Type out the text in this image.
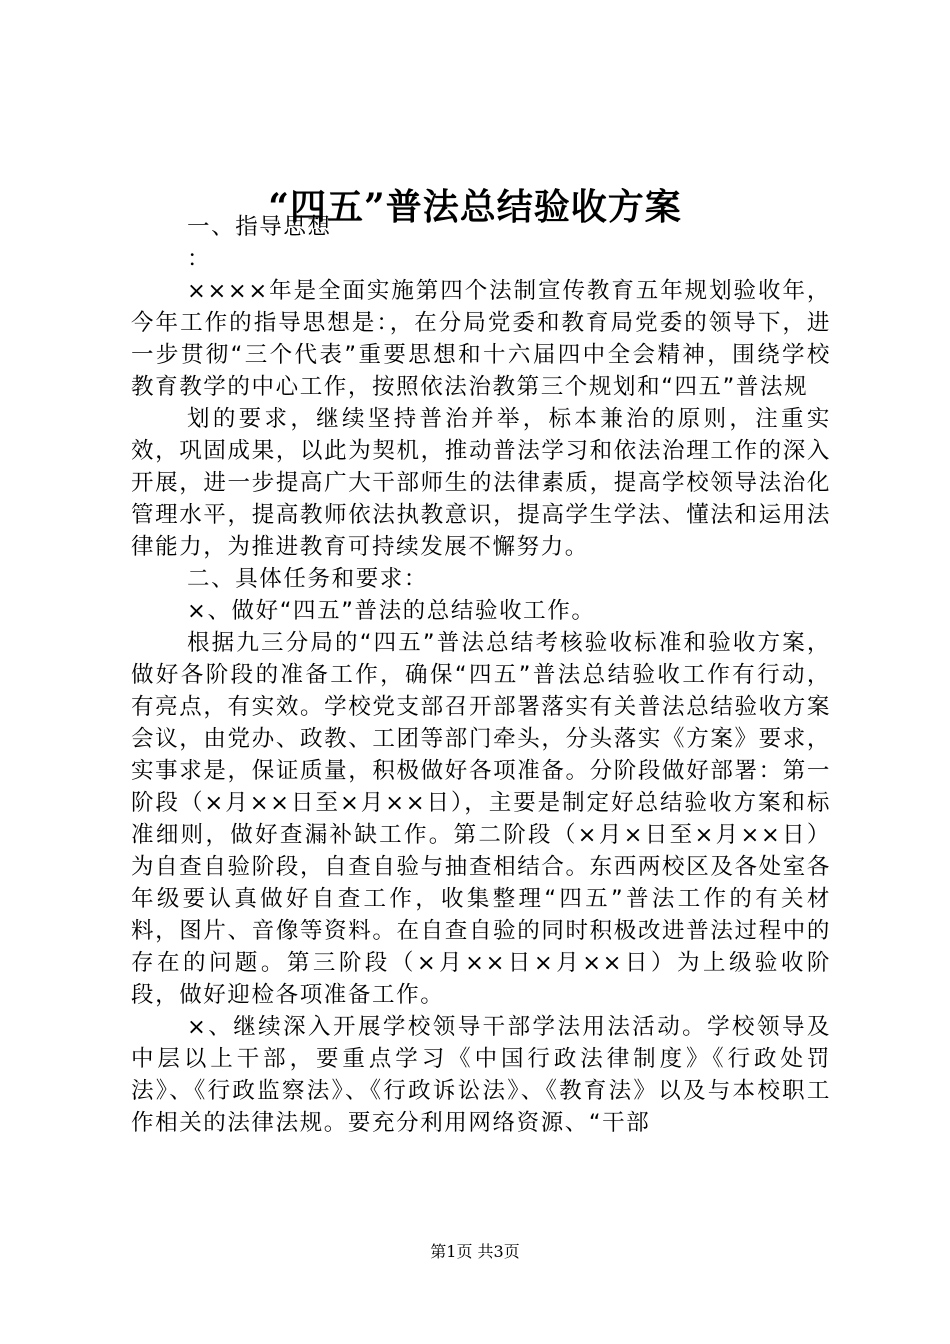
“四五”普法总结验收方案

一、指导思想

：

××××年是全面实施第四个法制宣传教育五年规划验收年，今年工作的指导思想是：，在分局党委和教育局党委的领导下，进一步贯彻“三个代表”重要思想和十六届四中全会精神，围绕学校教育教学的中心工作，按照依法治教第三个规划和“四五”普法规

划的要求，继续坚持普治并举，标本兼治的原则，注重实效，巩固成果，以此为契机，推动普法学习和依法治理工作的深入开展，进一步提高广大干部师生的法律素质，提高学校领导法治化管理水平，提高教师依法执教意识，提高学生学法、懂法和运用法律能力，为推进教育可持续发展不懈努力。

二、具体任务和要求：

×、做好“四五”普法的总结验收工作。

根据九三分局的“四五”普法总结考核验收标准和验收方案，做好各阶段的准备工作，确保“四五”普法总结验收工作有行动，有亮点，有实效。学校党支部召开部署落实有关普法总结验收方案会议，由党办、政教、工团等部门牵头，分头落实《方案》要求，实事求是，保证质量，积极做好各项准备。分阶段做好部署：第一阶段（×月××日至×月××日），主要是制定好总结验收方案和标准细则，做好查漏补缺工作。第二阶段（×月×日至×月××日）为自查自验阶段，自查自验与抽查相结合。东西两校区及各处室各年级要认真做好自查工作，收集整理“四五”普法工作的有关材料，图片、音像等资料。在自查自验的同时积极改进普法过程中的存在的问题。第三阶段（×月××日×月××日）为上级验收阶段，做好迎检各项准备工作。

×、继续深入开展学校领导干部学法用法活动。学校领导及中层以上干部，要重点学习《中国行政法律制度》《行政处罚法》、《行政监察法》、《行政诉讼法》、《教育法》以及与本校职工作相关的法律法规。要充分利用网络资源、“干部

第1页 共3页
